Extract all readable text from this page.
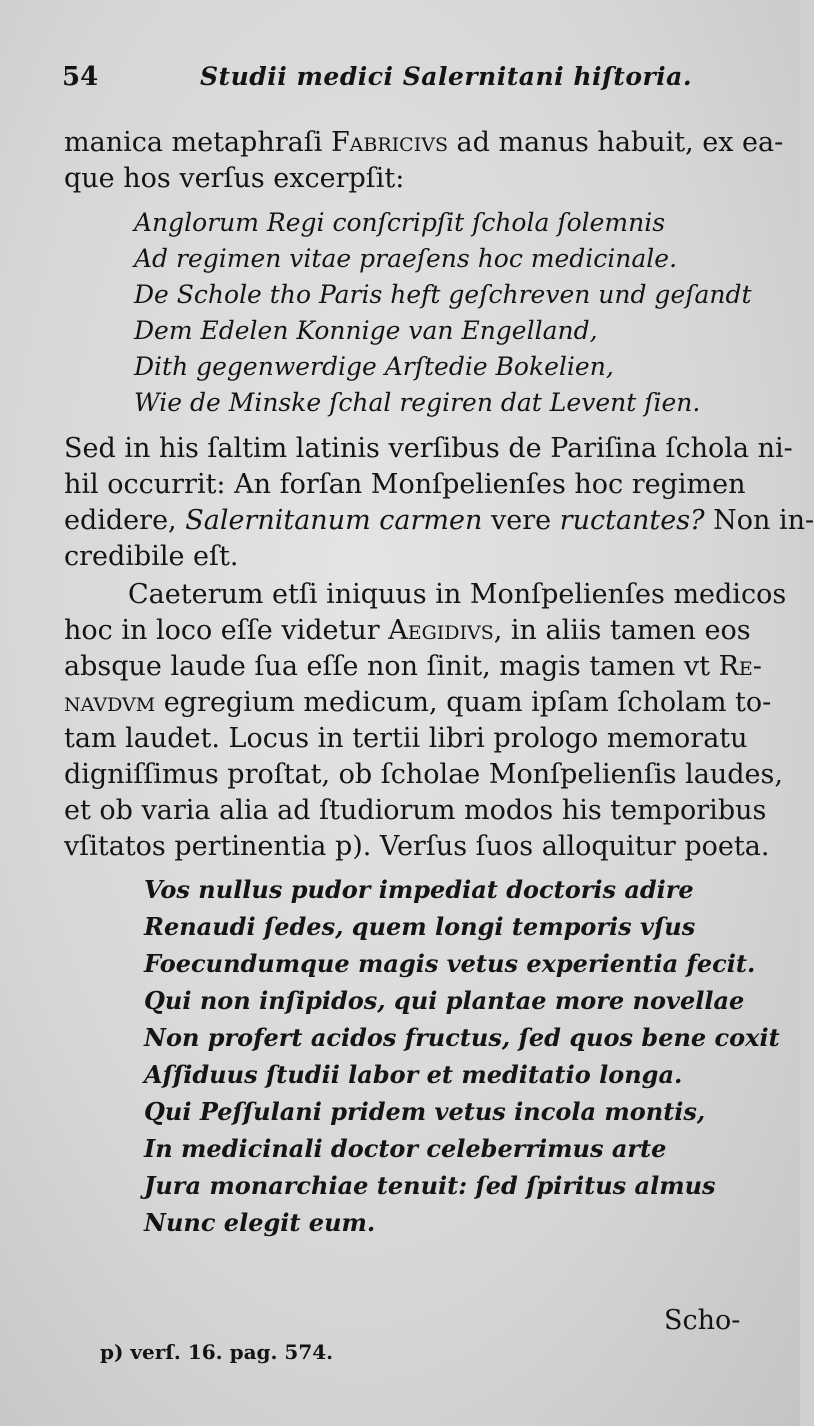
54	Studii medici Salernitani hiſtoria.
manica metaphraſi Fabricivs ad manus habuit, ex ea-
que hos verſus excerpſit:
Anglorum Regi conſcripſit ſchola ſolemnis
Ad regimen vitae praeſens hoc medicinale.
De Schole tho Paris heft geſchreven und geſandt
Dem Edelen Konnige van Engelland,
Dith gegenwerdige Arſtedie Bokelien,
Wie de Minske ſchal regiren dat Levent ſien.
Sed in his ſaltim latinis verſibus de Pariſina ſchola ni-
hil occurrit: An forſan Monſpelienſes hoc regimen
edidere, Salernitanum carmen vere ructantes? Non in-
credibile eſt.
Caeterum etſi iniquus in Monſpelienſes medicos
hoc in loco eſſe videtur Aegidivs, in aliis tamen eos
absque laude ſua eſſe non ſinit, magis tamen vt Re-
navdvm egregium medicum, quam ipſam ſcholam to-
tam laudet. Locus in tertii libri prologo memoratu
digniſſimus proſtat, ob ſcholae Monſpelienſis laudes,
et ob varia alia ad ſtudiorum modos his temporibus
vſitatos pertinentia p). Verſus ſuos alloquitur poeta.
Vos nullus pudor impediat doctoris adire
Renaudi ſedes, quem longi temporis vſus
Foecundumque magis vetus experientia fecit.
Qui non inſipidos, qui plantae more novellae
Non profert acidos fructus, ſed quos bene coxit
Aſſiduus ſtudii labor et meditatio longa.
Qui Peſſulani pridem vetus incola montis,
In medicinali doctor celeberrimus arte
Jura monarchiae tenuit: ſed ſpiritus almus
Nunc elegit eum.
Scho-
p) verſ. 16. pag. 574.
